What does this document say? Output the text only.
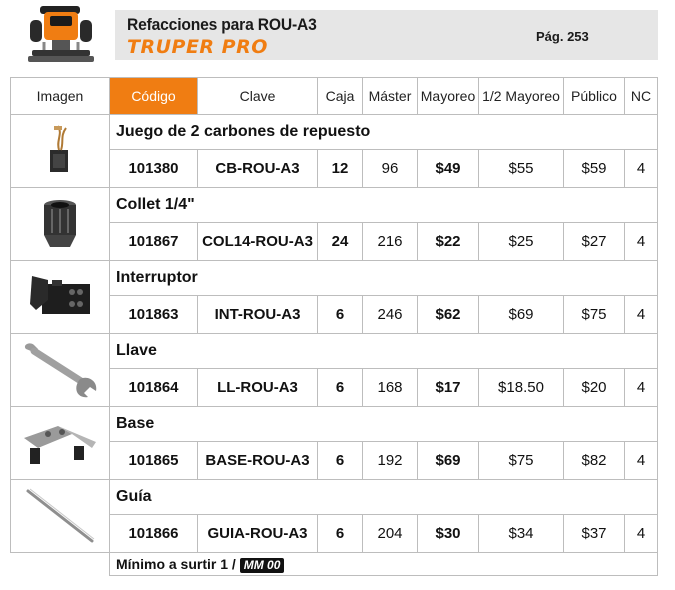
Refacciones para ROU-A3
TRUPER PRO	Pág. 253
Imagen	Código	Clave	Caja	Máster	Mayoreo	1/2 Mayoreo	Público	NC

	Juego de 2 carbones de repuesto							
	101380	CB-ROU-A3	12	96	$49	$55	$59	4

	Collet 1/4"							
	101867	COL14-ROU-A3	24	216	$22	$25	$27	4

	Interruptor							
	101863	INT-ROU-A3	6	246	$62	$69	$75	4

	Llave							
	101864	LL-ROU-A3	6	168	$17	$18.50	$20	4

	Base							
	101865	BASE-ROU-A3	6	192	$69	$75	$82	4

	Guía							
	101866	GUIA-ROU-A3	6	204	$30	$34	$37	4
	Mínimo a surtir 1 / MM 00							
